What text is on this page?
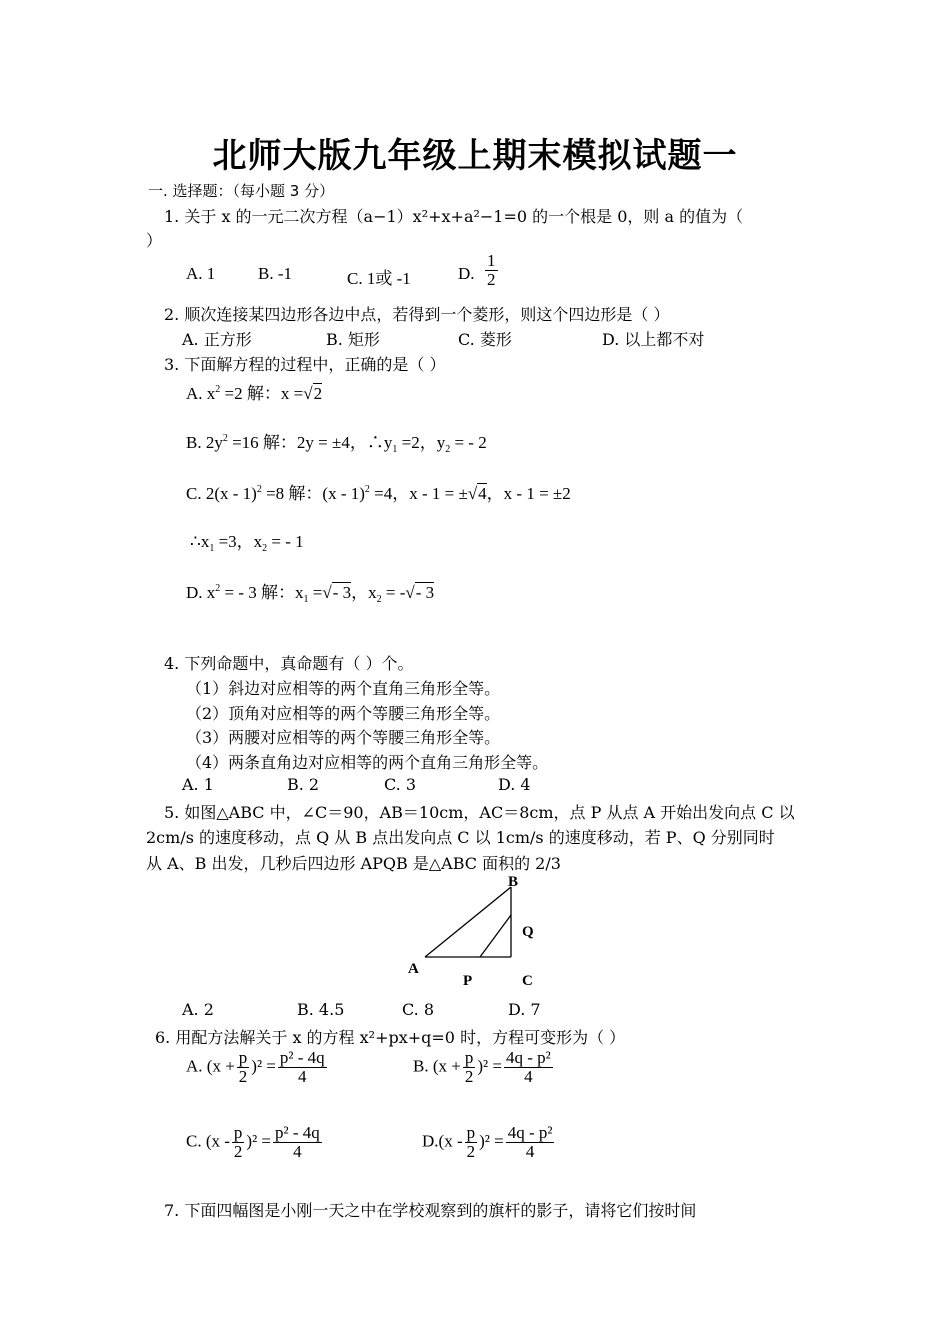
北师大版九年级上期末模拟试题一
一. 选择题：（每小题 3 分）
1. 关于 x 的一元二次方程（a−1）x²+x+a²−1=0 的一个根是 0，则 a 的值为（
）
A. 1	B. -1	C. 1或 -1	D. $\frac{1}{2}$
2. 顺次连接某四边形各边中点，若得到一个菱形，则这个四边形是（ ）
A. 正方形	B. 矩形	C. 菱形	D. 以上都不对
3. 下面解方程的过程中，正确的是（ ）
A. $x^2 =2$ 解：x =√2
B. $2y^2 =16$ 解：2y = ±4，$\therefore y_1 =2$，$y_2$ = - 2
C. 2(x - 1)$^2$ =8 解：(x - 1)$^2$ =4，x - 1 = ±√4，x - 1 = ±2
$\therefore x_1 =3$，$x_2$ = - 1
D. $x^2$ = - 3 解：$x_1$ =√- 3，$x_2$ = -√- 3
4. 下列命题中，真命题有（ ）个。
（1）斜边对应相等的两个直角三角形全等。
（2）顶角对应相等的两个等腰三角形全等。
（3）两腰对应相等的两个等腰三角形全等。
（4）两条直角边对应相等的两个直角三角形全等。
A. 1	B. 2	C. 3	D. 4
5. 如图△ABC 中，∠C＝90，AB＝10cm，AC＝8cm，点 P 从点 A 开始出发向点 C 以
2cm/s 的速度移动，点 Q 从 B 点出发向点 C 以 1cm/s 的速度移动，若 P、Q 分别同时
从 A、B 出发，几秒后四边形 APQB 是△ABC 面积的 2/3
B
Q
A
P	C
A. 2	B. 4.5	C. 8	D. 7
6. 用配方法解关于 x 的方程 x²+px+q=0 时，方程可变形为（ ）
A. $(x + \frac{p}{2} )^2 = \frac{\text{p² - 4q}}{4}$	B. $(x + \frac{p}{2} )^2 = \frac{\text{4q - p²}}{4}$
C. $(x - \frac{p}{2} )^2 = \frac{\text{p² - 4q}}{4}$	$D.(x - \frac{p}{2} )^2 = \frac{\text{4q - p²}}{4}$
7. 下面四幅图是小刚一天之中在学校观察到的旗杆的影子，请将它们按时间
